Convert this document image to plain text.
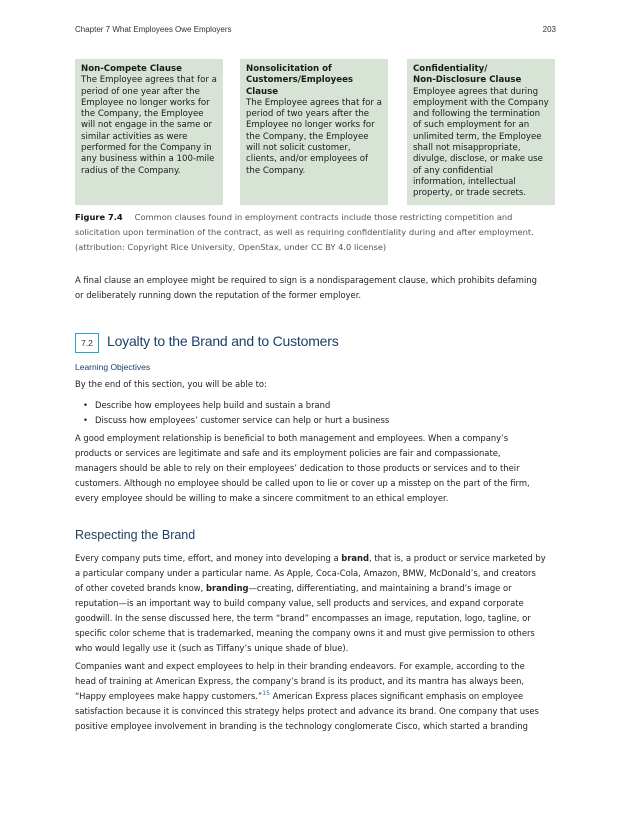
Chapter 7 What Employees Owe Employers	203
Non-Compete Clause
The Employee agrees that for a
period of one year after the
Employee no longer works for
the Company, the Employee
will not engage in the same or
similar activities as were
performed for the Company in
any business within a 100-mile
radius of the Company.
Nonsolicitation of
Customers/Employees Clause
The Employee agrees that for a
period of two years after the
Employee no longer works for
the Company, the Employee
will not solicit customer,
clients, and/or employees of
the Company.
Confidentiality/
Non-Disclosure Clause
Employee agrees that during
employment with the Company
and following the termination
of such employment for an
unlimited term, the Employee
shall not misappropriate,
divulge, disclose, or make use
of any confidential
information, intellectual
property, or trade secrets.
Figure 7.4 Common clauses found in employment contracts include those restricting competition and
solicitation upon termination of the contract, as well as requiring confidentiality during and after employment.
(attribution: Copyright Rice University, OpenStax, under CC BY 4.0 license)
A final clause an employee might be required to sign is a nondisparagement clause, which prohibits defaming
or deliberately running down the reputation of the former employer.
7.2	Loyalty to the Brand and to Customers
Learning Objectives
By the end of this section, you will be able to:
• Describe how employees help build and sustain a brand
• Discuss how employees’ customer service can help or hurt a business
A good employment relationship is beneficial to both management and employees. When a company’s
products or services are legitimate and safe and its employment policies are fair and compassionate,
managers should be able to rely on their employees’ dedication to those products or services and to their
customers. Although no employee should be called upon to lie or cover up a misstep on the part of the firm,
every employee should be willing to make a sincere commitment to an ethical employer.
Respecting the Brand
Every company puts time, effort, and money into developing a brand, that is, a product or service marketed by
a particular company under a particular name. As Apple, Coca-Cola, Amazon, BMW, McDonald’s, and creators
of other coveted brands know, branding—creating, differentiating, and maintaining a brand’s image or
reputation—is an important way to build company value, sell products and services, and expand corporate
goodwill. In the sense discussed here, the term “brand” encompasses an image, reputation, logo, tagline, or
specific color scheme that is trademarked, meaning the company owns it and must give permission to others
who would legally use it (such as Tiffany’s unique shade of blue).
Companies want and expect employees to help in their branding endeavors. For example, according to the
head of training at American Express, the company’s brand is its product, and its mantra has always been,
“Happy employees make happy customers.”$^{15}$ American Express places significant emphasis on employee
satisfaction because it is convinced this strategy helps protect and advance its brand. One company that uses
positive employee involvement in branding is the technology conglomerate Cisco, which started a branding
